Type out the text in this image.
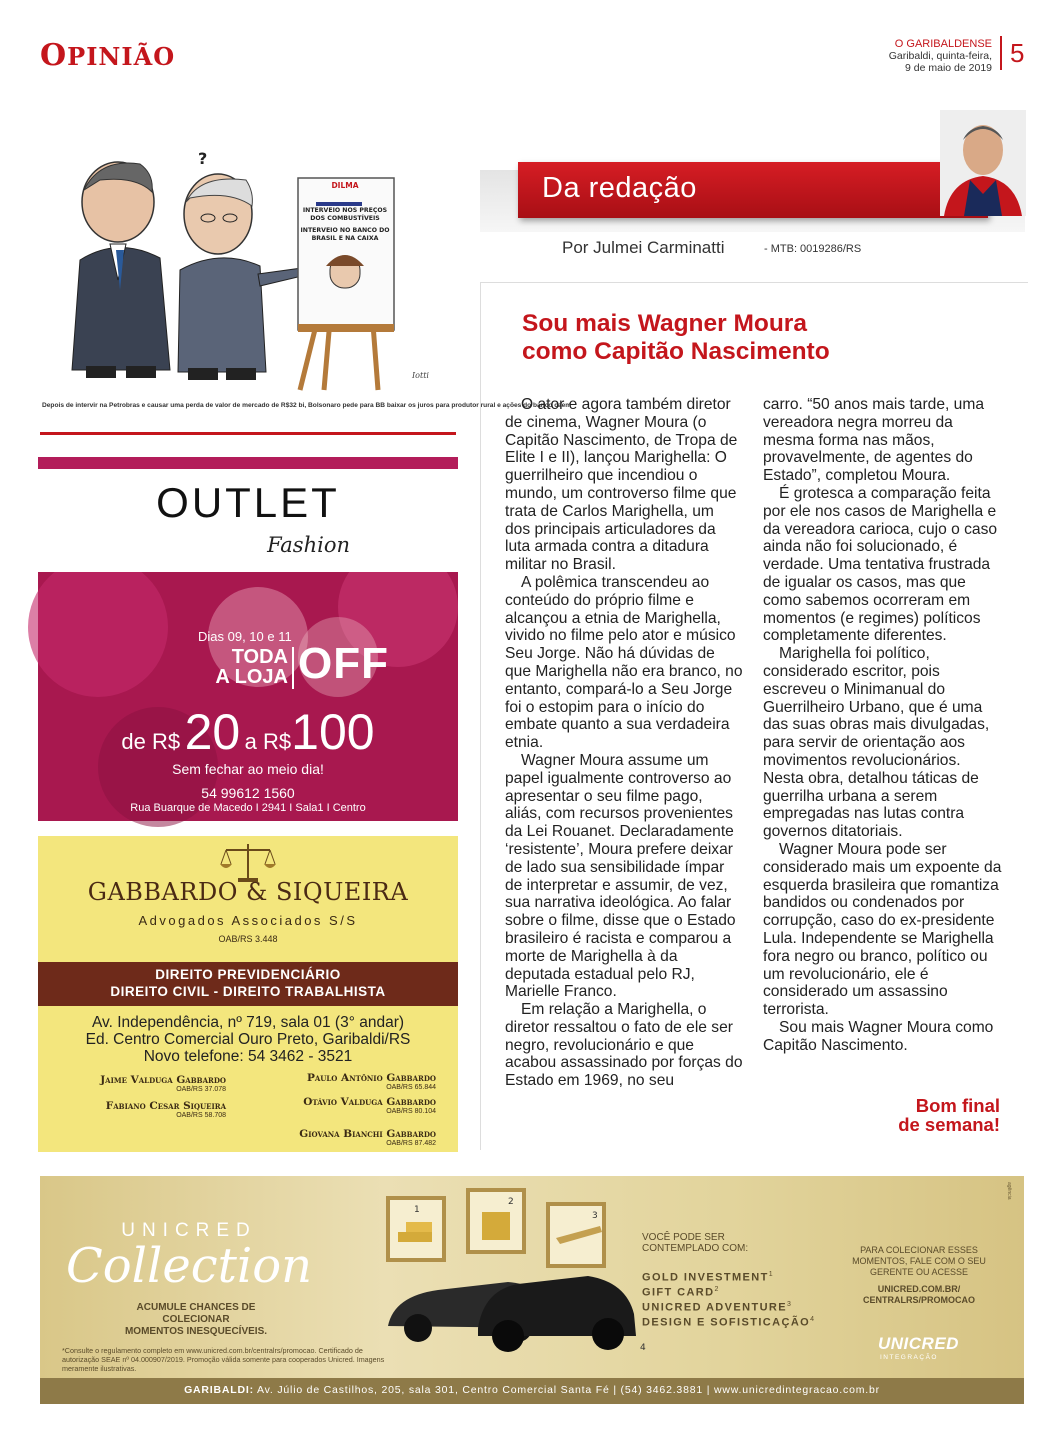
OPINIÃO	O GARIBALDENSE
Garibaldi, quinta-feira,
9 de maio de 2019 5
DILMA
INTERVEIO NOS PREÇOS
DOS COMBUSTÍVEIS
INTERVEIO NO BANCO DO
BRASIL E NA CAIXA
?
Iotti
Depois de intervir na Petrobras e causar uma perda de valor de mercado de R$32 bi, Bolsonaro pede para BB baixar os juros para produtor rural e ações do banco caem
Da redação
Por Julmei Carminatti	- MTB: 0019286/RS
Sou mais Wagner Moura
como Capitão Nascimento

O ator e agora também diretor de cinema, Wagner Moura (o Capitão Nascimento, de Tropa de Elite I e II), lançou Marighella: O guerrilheiro que incendiou o mundo, um controverso filme que trata de Carlos Marighella, um dos principais articuladores da luta armada contra a ditadura militar no Brasil.

A polêmica transcendeu ao conteúdo do próprio filme e alcançou a etnia de Marighella, vivido no filme pelo ator e músico Seu Jorge. Não há dúvidas de que Marighella não era branco, no entanto, compará-lo a Seu Jorge foi o estopim para o início do embate quanto a sua verdadeira etnia.

Wagner Moura assume um papel igualmente controverso ao apresentar o seu filme pago, aliás, com recursos provenientes da Lei Rouanet. Declaradamente ‘resistente’, Moura prefere deixar de lado sua sensibilidade ímpar de interpretar e assumir, de vez, sua narrativa ideológica. Ao falar sobre o filme, disse que o Estado brasileiro é racista e comparou a morte de Marighella à da deputada estadual pelo RJ, Marielle Franco.

Em relação a Marighella, o diretor ressaltou o fato de ele ser negro, revolucionário e que acabou assassinado por forças do Estado em 1969, no seu

carro. “50 anos mais tarde, uma vereadora negra morreu da mesma forma nas mãos, provavelmente, de agentes do Estado”, completou Moura.

É grotesca a comparação feita por ele nos casos de Marighella e da vereadora carioca, cujo o caso ainda não foi solucionado, é verdade. Uma tentativa frustrada de igualar os casos, mas que como sabemos ocorreram em momentos (e regimes) políticos completamente diferentes.

Marighella foi político, considerado escritor, pois escreveu o Minimanual do Guerrilheiro Urbano, que é uma das suas obras mais divulgadas, para servir de orientação aos movimentos revolucionários. Nesta obra, detalhou táticas de guerrilha urbana a serem empregadas nas lutas contra governos ditatoriais.

Wagner Moura pode ser considerado mais um expoente da esquerda brasileira que romantiza bandidos ou condenados por corrupção, caso do ex-presidente Lula. Independente se Marighella fora negro ou branco, político ou um revolucionário, ele é considerado um assassino terrorista.

Sou mais Wagner Moura como Capitão Nascimento.

Bom final
de semana!
OUTLET
Fashion
Dias 09, 10 e 11
TODA
A LOJA OFF
de R$ 20 a R$100
Sem fechar ao meio dia!
54 99612 1560
Rua Buarque de Macedo I 2941 I Sala1 I Centro
GABBARDO & SIQUEIRA
Advogados Associados S/S
OAB/RS 3.448
DIREITO PREVIDENCIÁRIO
DIREITO CIVIL - DIREITO TRABALHISTA
Av. Independência, nº 719, sala 01 (3° andar)
Ed. Centro Comercial Ouro Preto, Garibaldi/RS
Novo telefone: 54 3462 - 3521
Jaime Valduga Gabbardo
OAB/RS 37.078
Paulo Antônio Gabbardo
OAB/RS 65.844
Fabiano Cesar Siqueira
OAB/RS 58.708
Otávio Valduga Gabbardo
OAB/RS 80.104
Giovana Bianchi Gabbardo
OAB/RS 87.482
UNICRED
Collection
ACUMULE CHANCES DE COLECIONAR
MOMENTOS INESQUECÍVEIS.
*Consulte o regulamento completo em www.unicred.com.br/centralrs/promocao. Certificado de autorização SEAE nº 04.000907/2019. Promoção válida somente para cooperados Unicred. Imagens meramente ilustrativas.
1
2
3
4
VOCÊ PODE SER
CONTEMPLADO COM:
GOLD INVESTMENT$^1$
GIFT CARD$^2$
UNICRED ADVENTURE$^3$
DESIGN E SOFISTICAÇÃO$^4$
PARA COLECIONAR ESSES
MOMENTOS, FALE COM O SEU
GERENTE OU ACESSE
UNICRED.COM.BR/
CENTRALRS/PROMOCAO
UNICRED
INTEGRAÇÃO
agência
GARIBALDI: Av. Júlio de Castilhos, 205, sala 301, Centro Comercial Santa Fé | (54) 3462.3881 | www.unicredintegracao.com.br
